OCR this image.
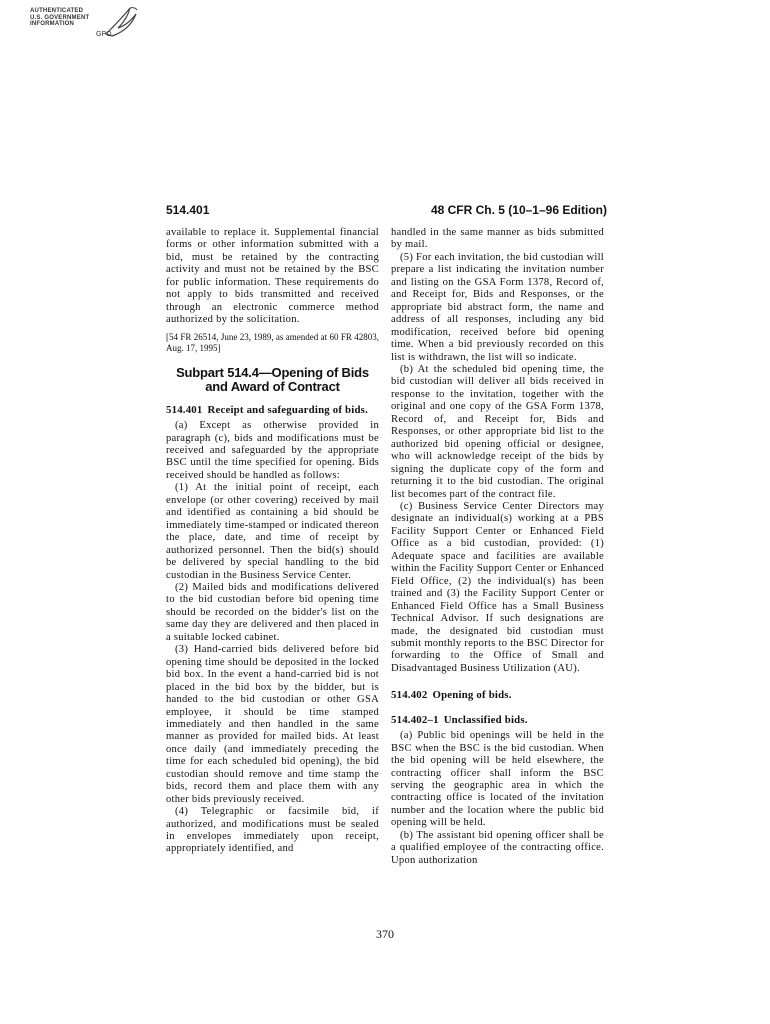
AUTHENTICATED
U.S. GOVERNMENT
INFORMATION
GPO
514.401	48 CFR Ch. 5 (10–1–96 Edition)

available to replace it. Supplemental financial forms or other information submitted with a bid, must be retained by the contracting activity and must not be retained by the BSC for public information. These requirements do not apply to bids transmitted and received through an electronic commerce method authorized by the solicitation.

[54 FR 26514, June 23, 1989, as amended at 60 FR 42803, Aug. 17, 1995]

Subpart 514.4—Opening of Bids and Award of Contract

514.401 Receipt and safeguarding of bids.

(a) Except as otherwise provided in paragraph (c), bids and modifications must be received and safeguarded by the appropriate BSC until the time specified for opening. Bids received should be handled as follows:

(1) At the initial point of receipt, each envelope (or other covering) received by mail and identified as containing a bid should be immediately time-stamped or indicated thereon the place, date, and time of receipt by authorized personnel. Then the bid(s) should be delivered by special handling to the bid custodian in the Business Service Center.

(2) Mailed bids and modifications delivered to the bid custodian before bid opening time should be recorded on the bidder's list on the same day they are delivered and then placed in a suitable locked cabinet.

(3) Hand-carried bids delivered before bid opening time should be deposited in the locked bid box. In the event a hand-carried bid is not placed in the bid box by the bidder, but is handed to the bid custodian or other GSA employee, it should be time stamped immediately and then handled in the same manner as provided for mailed bids. At least once daily (and immediately preceding the time for each scheduled bid opening), the bid custodian should remove and time stamp the bids, record them and place them with any other bids previously received.

(4) Telegraphic or facsimile bid, if authorized, and modifications must be sealed in envelopes immediately upon receipt, appropriately identified, and

handled in the same manner as bids submitted by mail.

(5) For each invitation, the bid custodian will prepare a list indicating the invitation number and listing on the GSA Form 1378, Record of, and Receipt for, Bids and Responses, or the appropriate bid abstract form, the name and address of all responses, including any bid modification, received before bid opening time. When a bid previously recorded on this list is withdrawn, the list will so indicate.

(b) At the scheduled bid opening time, the bid custodian will deliver all bids received in response to the invitation, together with the original and one copy of the GSA Form 1378, Record of, and Receipt for, Bids and Responses, or other appropriate bid list to the authorized bid opening official or designee, who will acknowledge receipt of the bids by signing the duplicate copy of the form and returning it to the bid custodian. The original list becomes part of the contract file.

(c) Business Service Center Directors may designate an individual(s) working at a PBS Facility Support Center or Enhanced Field Office as a bid custodian, provided: (1) Adequate space and facilities are available within the Facility Support Center or Enhanced Field Office, (2) the individual(s) has been trained and (3) the Facility Support Center or Enhanced Field Office has a Small Business Technical Advisor. If such designations are made, the designated bid custodian must submit monthly reports to the BSC Director for forwarding to the Office of Small and Disadvantaged Business Utilization (AU).

514.402 Opening of bids.

514.402–1 Unclassified bids.

(a) Public bid openings will be held in the BSC when the BSC is the bid custodian. When the bid opening will be held elsewhere, the contracting officer shall inform the BSC serving the geographic area in which the contracting office is located of the invitation number and the location where the public bid opening will be held.

(b) The assistant bid opening officer shall be a qualified employee of the contracting office. Upon authorization

370
